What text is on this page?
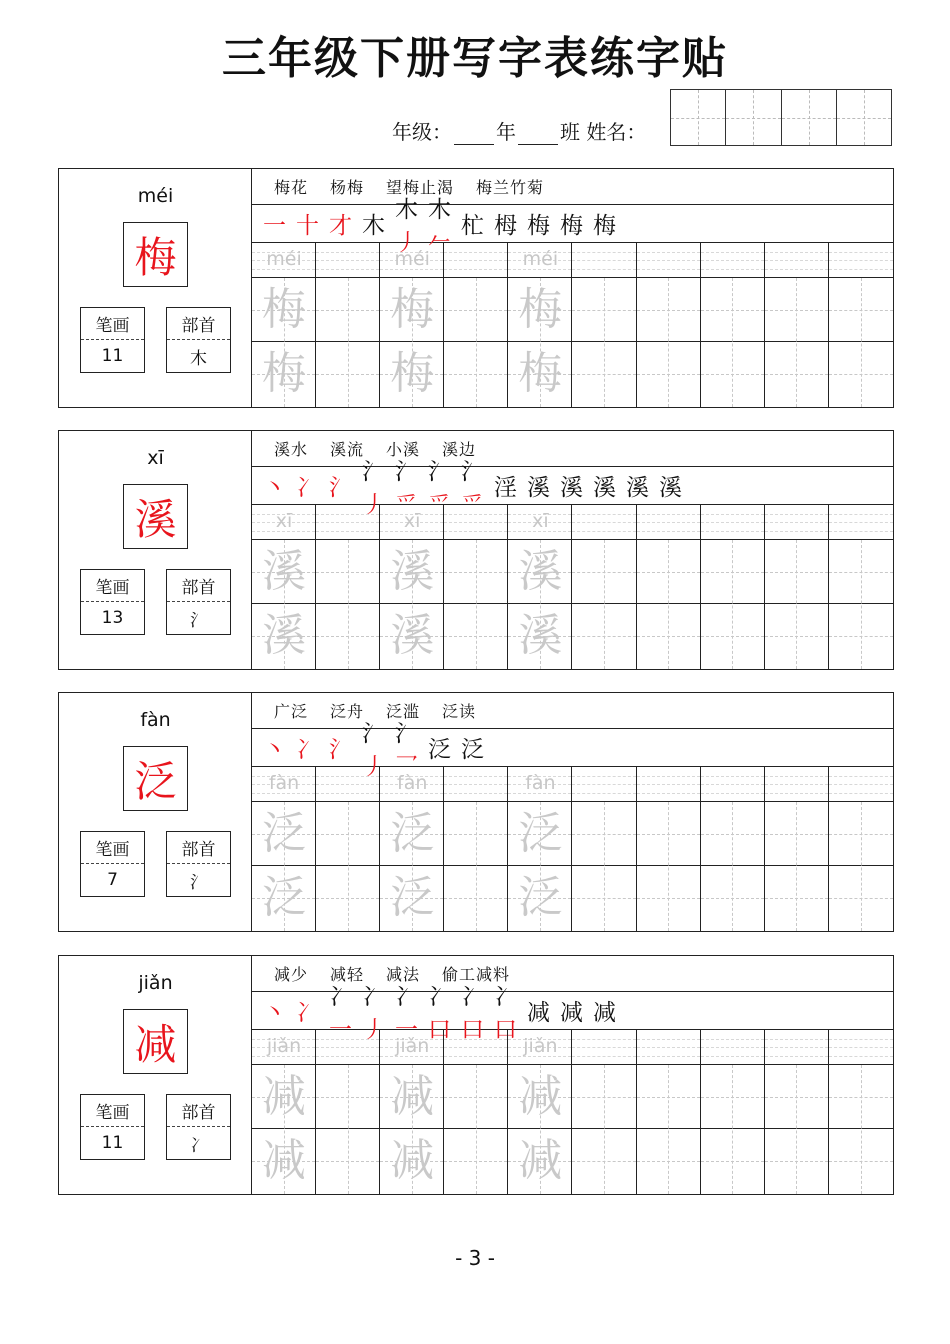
三年级下册写字表练字贴
年级： 年 班 姓名：
méi
梅
笔画
11
部首
木
梅花 杨梅 望梅止渴 梅兰竹菊
一 十 才 木
木丿
木𠂉
杧 栂 梅 梅 梅
méi
梅
梅
méi
梅
梅
méi
梅
梅
xī
溪
笔画
13
部首
氵
溪水 溪流 小溪 溪边
丶 冫 氵
氵丿
氵爫
氵爫
氵爫
淫 溪 溪 溪 溪 溪
xī
溪
溪
xī
溪
溪
xī
溪
溪
fàn
泛
笔画
7
部首
氵
广泛 泛舟 泛滥 泛读
丶 冫 氵
氵丿
氵乛
泛 泛
fàn
泛
泛
fàn
泛
泛
fàn
泛
泛
jiǎn
减
笔画
11
部首
冫
减少 减轻 减法 偷工减料
丶 冫
冫一
冫丿
冫一
冫口
冫口
冫口
减 减 减
jiǎn
减
减
jiǎn
减
减
jiǎn
减
减
- 3 -
